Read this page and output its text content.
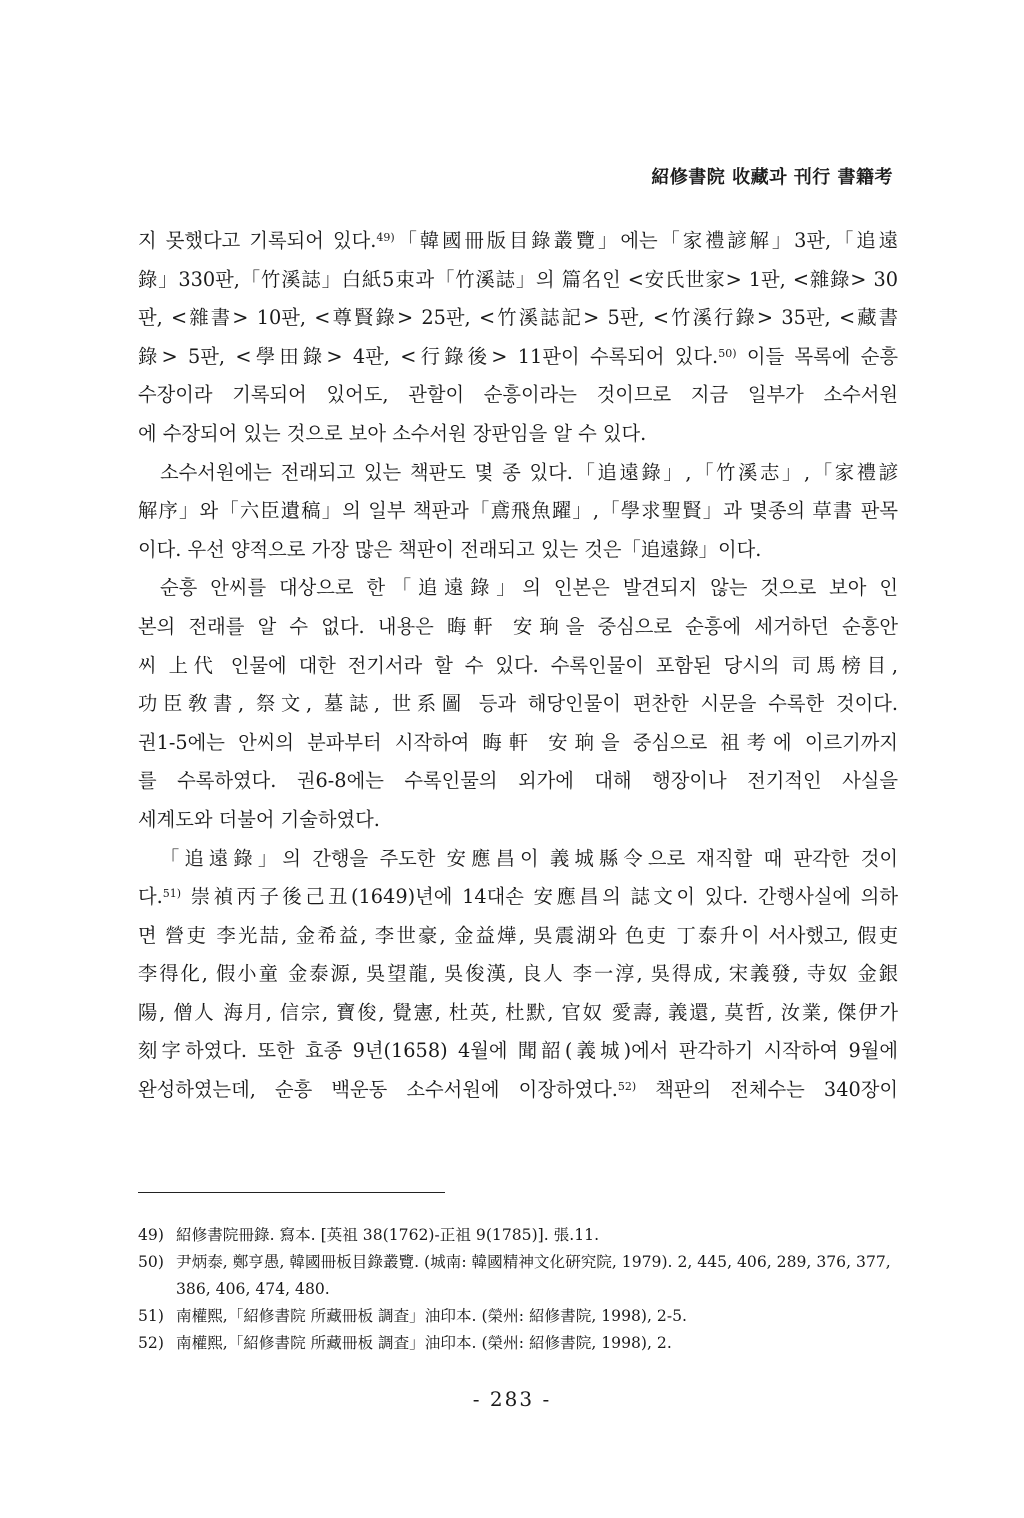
紹修書院 收藏과 刊行 書籍考
지 못했다고 기록되어 있다.$^{49)}$「韓國冊版目錄叢覽」에는「家禮諺解」3판,「追遠
錄」330판,「竹溪誌」白紙5束과「竹溪誌」의 篇名인 <安氏世家> 1판, <雜錄> 30
판, <雜書> 10판, <尊賢錄> 25판, <竹溪誌記> 5판, <竹溪行錄> 35판, <藏書
錄> 5판, <學田錄> 4판, <行錄後> 11판이 수록되어 있다.$^{50)}$ 이들 목록에 순흥
수장이라 기록되어 있어도, 관할이 순흥이라는 것이므로 지금 일부가 소수서원
에 수장되어 있는 것으로 보아 소수서원 장판임을 알 수 있다.
소수서원에는 전래되고 있는 책판도 몇 종 있다.「追遠錄」,「竹溪志」,「家禮諺
解序」와「六臣遺稿」의 일부 책판과「鳶飛魚躍」,「學求聖賢」과 몇종의 草書 판목
이다. 우선 양적으로 가장 많은 책판이 전래되고 있는 것은「追遠錄」이다.
순흥 안씨를 대상으로 한「追遠錄」의 인본은 발견되지 않는 것으로 보아 인
본의 전래를 알 수 없다. 내용은 晦軒 安珦을 중심으로 순흥에 세거하던 순흥안
씨 上代 인물에 대한 전기서라 할 수 있다. 수록인물이 포함된 당시의 司馬榜目,
功臣敎書, 祭文, 墓誌, 世系圖 등과 해당인물이 편찬한 시문을 수록한 것이다.
권1-5에는 안씨의 분파부터 시작하여 晦軒 安珦을 중심으로 祖考에 이르기까지
를 수록하였다. 권6-8에는 수록인물의 외가에 대해 행장이나 전기적인 사실을
세계도와 더불어 기술하였다.
「追遠錄」의 간행을 주도한 安應昌이 義城縣令으로 재직할 때 판각한 것이
다.$^{51)}$ 崇禎丙子後己丑(1649)년에 14대손 安應昌의 誌文이 있다. 간행사실에 의하
면 營吏 李光喆, 金希益, 李世豪, 金益燁, 吳震湖와 色吏 丁泰升이 서사했고, 假吏
李得化, 假小童 金泰源, 吳望龍, 吳俊漢, 良人 李一淳, 吳得成, 宋義發, 寺奴 金銀
陽, 僧人 海月, 信宗, 寶俊, 覺憲, 杜英, 杜默, 官奴 愛壽, 義還, 莫哲, 汝業, 傑伊가
刻字하였다. 또한 효종 9년(1658) 4월에 聞韶(義城)에서 판각하기 시작하여 9월에
완성하였는데, 순흥 백운동 소수서원에 이장하였다.$^{52)}$ 책판의 전체수는 340장이
49) 紹修書院冊錄. 寫本. [英祖 38(1762)-正祖 9(1785)]. 張.11.
50) 尹炳泰, 鄭亨愚, 韓國冊板目錄叢覽. (城南: 韓國精神文化硏究院, 1979). 2, 445, 406, 289, 376, 377, 386, 406, 474, 480.
51) 南權熙,「紹修書院 所藏冊板 調査」油印本. (榮州: 紹修書院, 1998), 2-5.
52) 南權熙,「紹修書院 所藏冊板 調査」油印本. (榮州: 紹修書院, 1998), 2.
- 283 -
